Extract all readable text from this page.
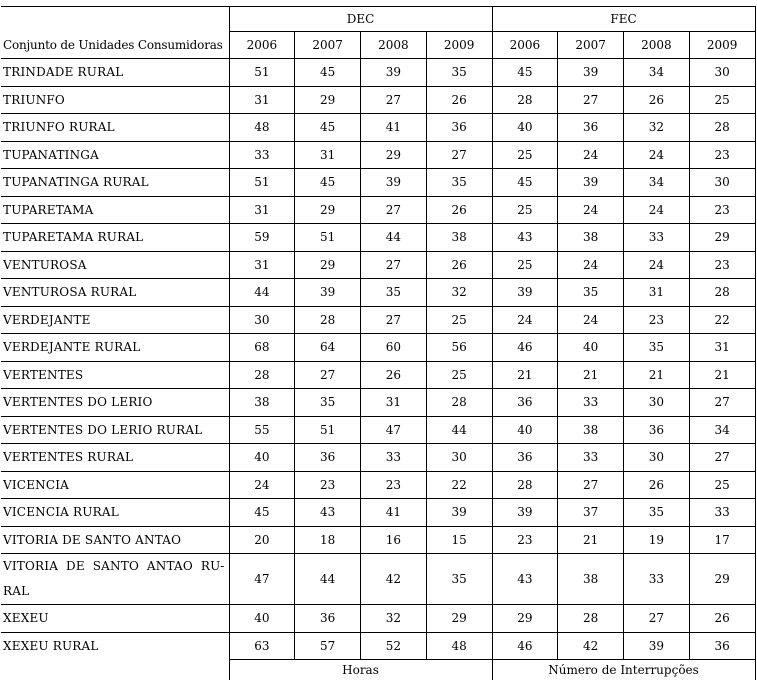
	DEC				FEC			
Conjunto de Unidades Consumidoras	2006	2007	2008	2009	2006	2007	2008	2009
TRINDADE RURAL	51	45	39	35	45	39	34	30
TRIUNFO	31	29	27	26	28	27	26	25
TRIUNFO RURAL	48	45	41	36	40	36	32	28
TUPANATINGA	33	31	29	27	25	24	24	23
TUPANATINGA RURAL	51	45	39	35	45	39	34	30
TUPARETAMA	31	29	27	26	25	24	24	23
TUPARETAMA RURAL	59	51	44	38	43	38	33	29
VENTUROSA	31	29	27	26	25	24	24	23
VENTUROSA RURAL	44	39	35	32	39	35	31	28
VERDEJANTE	30	28	27	25	24	24	23	22
VERDEJANTE RURAL	68	64	60	56	46	40	35	31
VERTENTES	28	27	26	25	21	21	21	21
VERTENTES DO LERIO	38	35	31	28	36	33	30	27
VERTENTES DO LERIO RURAL	55	51	47	44	40	38	36	34
VERTENTES RURAL	40	36	33	30	36	33	30	27
VICENCIA	24	23	23	22	28	27	26	25
VICENCIA RURAL	45	43	41	39	39	37	35	33
VITORIA DE SANTO ANTAO	20	18	16	15	23	21	19	17
VITORIA DE SANTO ANTAO RU-RAL	47	44	42	35	43	38	33	29
XEXEU	40	36	32	29	29	28	27	26
XEXEU RURAL	63	57	52	48	46	42	39	36
	Horas				Número de Interrupções			
